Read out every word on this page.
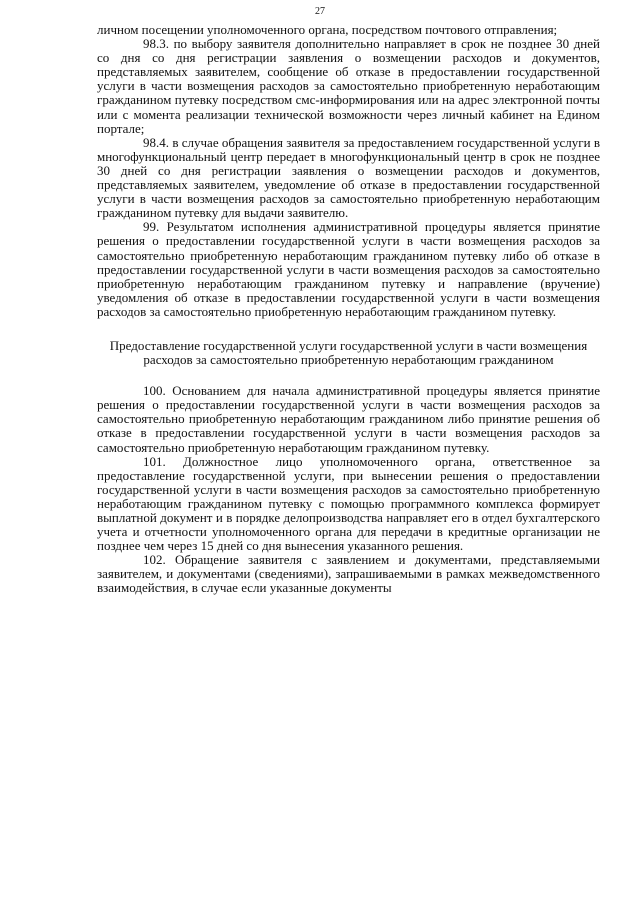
27

личном посещении уполномоченного органа, посредством почтового отправления;

98.3. по выбору заявителя дополнительно направляет в срок не позднее 30 дней со дня со дня регистрации заявления о возмещении расходов и документов, представляемых заявителем, сообщение об отказе в предоставлении государственной услуги в части возмещения расходов за самостоятельно приобретенную неработающим гражданином путевку посредством смс-информирования или на адрес электронной почты или с момента реализации технической возможности через личный кабинет на Едином портале;

98.4. в случае обращения заявителя за предоставлением государственной услуги в многофункциональный центр передает в многофункциональный центр в срок не позднее 30 дней со дня регистрации заявления о возмещении расходов и документов, представляемых заявителем, уведомление об отказе в предоставлении государственной услуги в части возмещения расходов за самостоятельно приобретенную неработающим гражданином путевку для выдачи заявителю.

99. Результатом исполнения административной процедуры является принятие решения о предоставлении государственной услуги в части возмещения расходов за самостоятельно приобретенную неработающим гражданином путевку либо об отказе в предоставлении государственной услуги в части возмещения расходов за самостоятельно приобретенную неработающим гражданином путевку и направление (вручение) уведомления об отказе в предоставлении государственной услуги в части возмещения расходов за самостоятельно приобретенную неработающим гражданином путевку.

Предоставление государственной услуги государственной услуги в части возмещения расходов за самостоятельно приобретенную неработающим гражданином

100. Основанием для начала административной процедуры является принятие решения о предоставлении государственной услуги в части возмещения расходов за самостоятельно приобретенную неработающим гражданином либо принятие решения об отказе в предоставлении государственной услуги в части возмещения расходов за самостоятельно приобретенную неработающим гражданином путевку.

101. Должностное лицо уполномоченного органа, ответственное за предоставление государственной услуги, при вынесении решения о предоставлении государственной услуги в части возмещения расходов за самостоятельно приобретенную неработающим гражданином путевку с помощью программного комплекса формирует выплатной документ и в порядке делопроизводства направляет его в отдел бухгалтерского учета и отчетности уполномоченного органа для передачи в кредитные организации не позднее чем через 15 дней со дня вынесения указанного решения.

102. Обращение заявителя с заявлением и документами, представляемыми заявителем, и документами (сведениями), запрашиваемыми в рамках межведомственного взаимодействия, в случае если указанные документы
